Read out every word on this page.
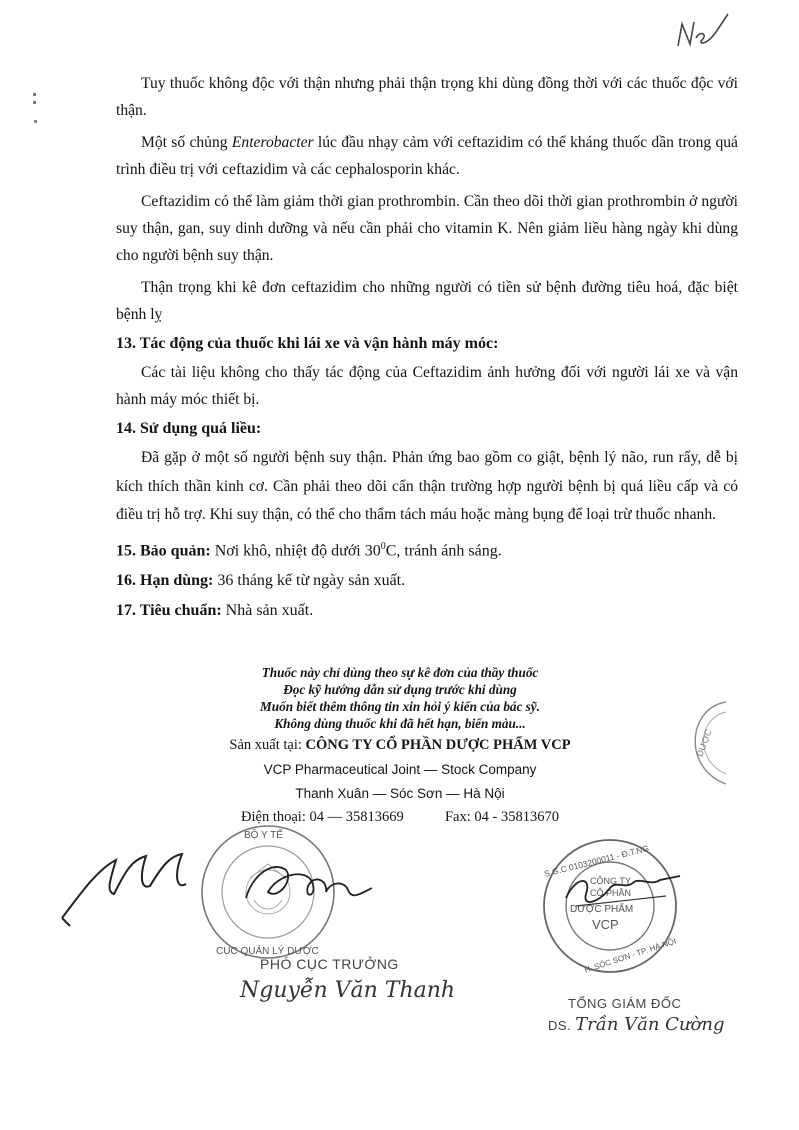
Tuy thuốc không độc với thận nhưng phải thận trọng khi dùng đồng thời với các thuốc độc với thận.

Một số chủng Enterobacter lúc đầu nhạy cảm với ceftazidim có thể kháng thuốc dần trong quá trình điều trị với ceftazidim và các cephalosporin khác.

Ceftazidim có thể làm giảm thời gian prothrombin. Cần theo dõi thời gian prothrombin ở người suy thận, gan, suy dinh dưỡng và nếu cần phải cho vitamin K. Nên giảm liều hàng ngày khi dùng cho người bệnh suy thận.

Thận trọng khi kê đơn ceftazidim cho những người có tiền sử bệnh đường tiêu hoá, đặc biệt bệnh lỵ

13. Tác động của thuốc khi lái xe và vận hành máy móc:

Các tài liệu không cho thấy tác động của Ceftazidim ảnh hưởng đối với người lái xe và vận hành máy móc thiết bị.

14. Sử dụng quá liều:

Đã gặp ở một số người bệnh suy thận. Phản ứng bao gồm co giật, bệnh lý não, run rẩy, dễ bị kích thích thần kinh cơ. Cần phải theo dõi cẩn thận trường hợp người bệnh bị quá liều cấp và có điều trị hỗ trợ. Khi suy thận, có thể cho thẩm tách máu hoặc màng bụng để loại trừ thuốc nhanh.

15. Bảo quản: Nơi khô, nhiệt độ dưới $30^0C$, tránh ánh sáng.

16. Hạn dùng: 36 tháng kể từ ngày sản xuất.

17. Tiêu chuẩn: Nhà sản xuất.

Thuốc này chỉ dùng theo sự kê đơn của thầy thuốc

Đọc kỹ hướng dẫn sử dụng trước khi dùng

Muốn biết thêm thông tin xin hỏi ý kiến của bác sỹ.

Không dùng thuốc khi đã hết hạn, biến màu...

Sản xuất tại: CÔNG TY CỔ PHẦN DƯỢC PHẨM VCP

VCP Pharmaceutical Joint — Stock Company

Thanh Xuân — Sóc Sơn — Hà Nội

Điện thoại: 04 — 35813669	Fax: 04 - 35813670

DƯỢC
BỘ Y TẾ
CỤC QUẢN LÝ DƯỢC
PHÓ CỤC TRƯỞNG
Nguyễn Văn Thanh
S.G.C 0103200011 - Đ.T.NG
CÔNG TY
CỔ PHẦN
DƯỢC PHẨM
VCP
H. SÓC SƠN - TP. HÀ NỘI
TỔNG GIÁM ĐỐC
DS. Trần Văn Cường
